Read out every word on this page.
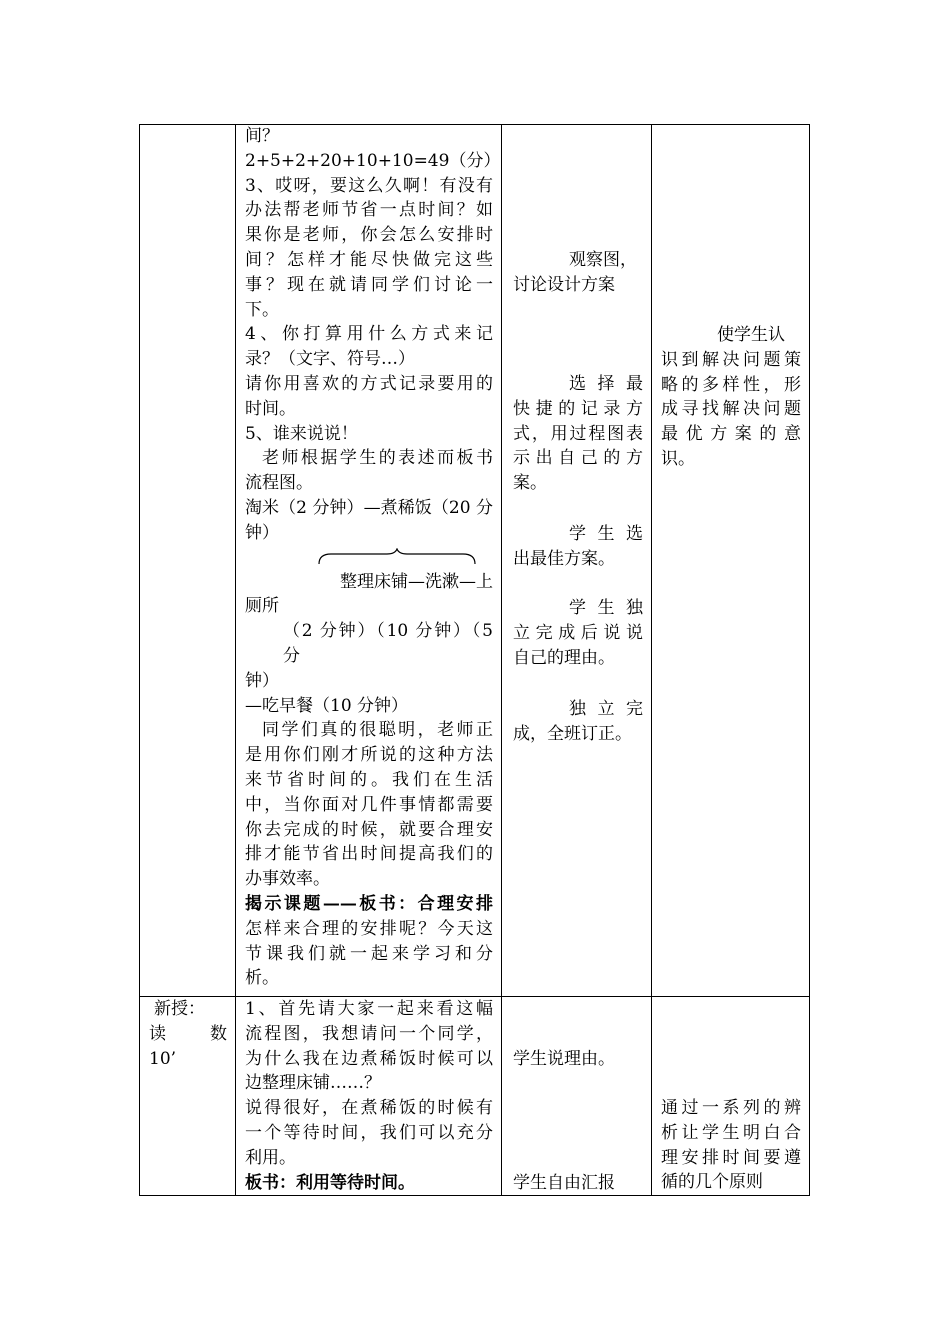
间？

2+5+2+20+10+10=49（分）

3、哎呀，要这么久啊！有没有

办法帮老师节省一点时间？如

果你是老师，你会怎么安排时

间？怎样才能尽快做完这些

事？现在就请同学们讨论一

下。

4、你打算用什么方式来记

录？（文字、符号…）

请你用喜欢的方式记录要用的

时间。

5、谁来说说！

老师根据学生的表述而板书

流程图。

淘米（2 分钟）—煮稀饭（20 分

钟）

整理床铺—洗漱—上

厕所

（2 分钟）（10 分钟）（5 分

钟）

—吃早餐（10 分钟）

同学们真的很聪明，老师正

是用你们刚才所说的这种方法

来节省时间的。我们在生活

中，当你面对几件事情都需要

你去完成的时候，就要合理安

排才能节省出时间提高我们的

办事效率。

揭示课题——板书：合理安排

怎样来合理的安排呢？今天这

节课我们就一起来学习和分

析。

观察图，

讨论设计方案

选择最

快捷的记录方

式，用过程图表

示出自己的方

案。

学生选

出最佳方案。

学生独

立完成后说说

自己的理由。

独立完

成，全班订正。

使学生认

识到解决问题策

略的多样性，形

成寻找解决问题

最优方案的意

识。

新授：

读	数

10’

1、首先请大家一起来看这幅

流程图，我想请问一个同学，

为什么我在边煮稀饭时候可以

边整理床铺……？

说得很好，在煮稀饭的时候有

一个等待时间，我们可以充分

利用。

板书：利用等待时间。

学生说理由。

学生自由汇报

通过一系列的辨

析让学生明白合

理安排时间要遵

循的几个原则
